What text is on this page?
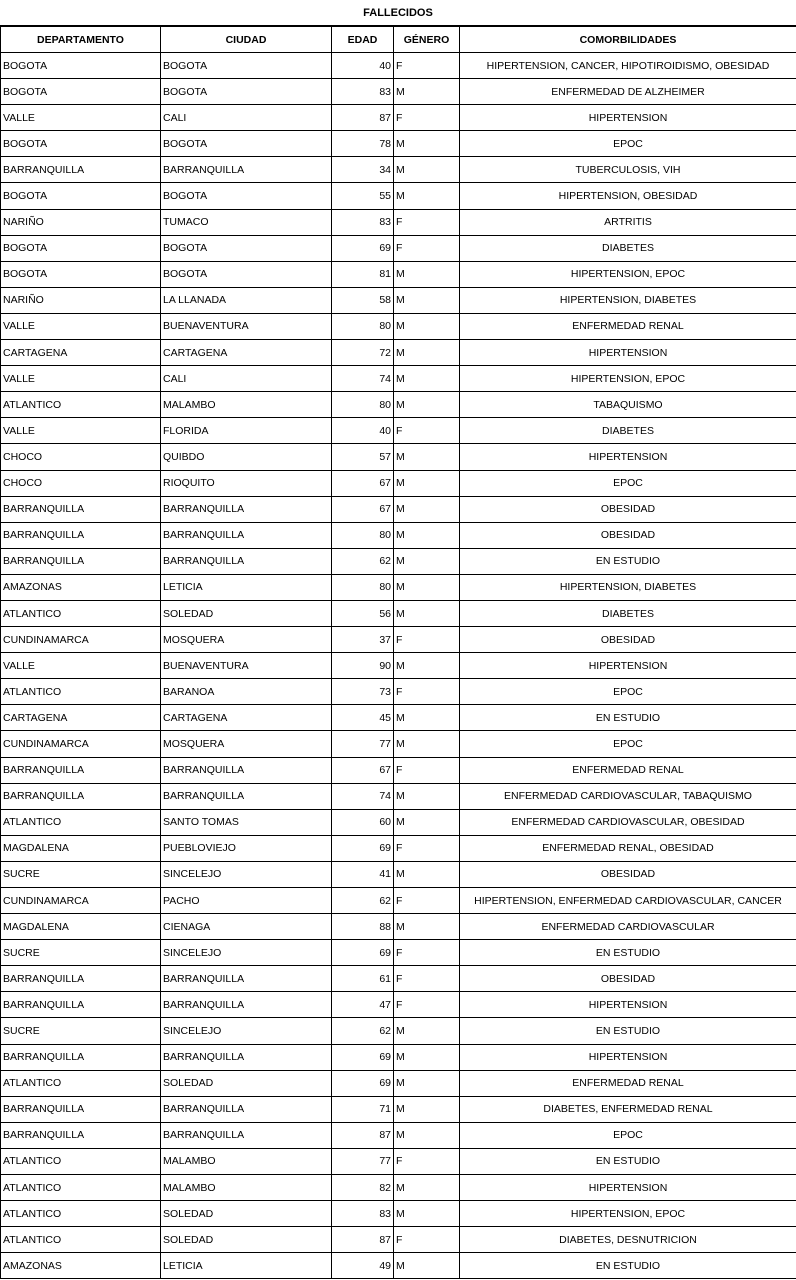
FALLECIDOS
DEPARTAMENTO	CIUDAD	EDAD	GÉNERO	COMORBILIDADES
BOGOTA	BOGOTA	40	F	HIPERTENSION, CANCER, HIPOTIROIDISMO, OBESIDAD
BOGOTA	BOGOTA	83	M	ENFERMEDAD DE ALZHEIMER
VALLE	CALI	87	F	HIPERTENSION
BOGOTA	BOGOTA	78	M	EPOC
BARRANQUILLA	BARRANQUILLA	34	M	TUBERCULOSIS, VIH
BOGOTA	BOGOTA	55	M	HIPERTENSION, OBESIDAD
NARIÑO	TUMACO	83	F	ARTRITIS
BOGOTA	BOGOTA	69	F	DIABETES
BOGOTA	BOGOTA	81	M	HIPERTENSION, EPOC
NARIÑO	LA LLANADA	58	M	HIPERTENSION, DIABETES
VALLE	BUENAVENTURA	80	M	ENFERMEDAD RENAL
CARTAGENA	CARTAGENA	72	M	HIPERTENSION
VALLE	CALI	74	M	HIPERTENSION, EPOC
ATLANTICO	MALAMBO	80	M	TABAQUISMO
VALLE	FLORIDA	40	F	DIABETES
CHOCO	QUIBDO	57	M	HIPERTENSION
CHOCO	RIOQUITO	67	M	EPOC
BARRANQUILLA	BARRANQUILLA	67	M	OBESIDAD
BARRANQUILLA	BARRANQUILLA	80	M	OBESIDAD
BARRANQUILLA	BARRANQUILLA	62	M	EN ESTUDIO
AMAZONAS	LETICIA	80	M	HIPERTENSION, DIABETES
ATLANTICO	SOLEDAD	56	M	DIABETES
CUNDINAMARCA	MOSQUERA	37	F	OBESIDAD
VALLE	BUENAVENTURA	90	M	HIPERTENSION
ATLANTICO	BARANOA	73	F	EPOC
CARTAGENA	CARTAGENA	45	M	EN ESTUDIO
CUNDINAMARCA	MOSQUERA	77	M	EPOC
BARRANQUILLA	BARRANQUILLA	67	F	ENFERMEDAD RENAL
BARRANQUILLA	BARRANQUILLA	74	M	ENFERMEDAD CARDIOVASCULAR, TABAQUISMO
ATLANTICO	SANTO TOMAS	60	M	ENFERMEDAD CARDIOVASCULAR, OBESIDAD
MAGDALENA	PUEBLOVIEJO	69	F	ENFERMEDAD RENAL, OBESIDAD
SUCRE	SINCELEJO	41	M	OBESIDAD
CUNDINAMARCA	PACHO	62	F	HIPERTENSION, ENFERMEDAD CARDIOVASCULAR, CANCER
MAGDALENA	CIENAGA	88	M	ENFERMEDAD CARDIOVASCULAR
SUCRE	SINCELEJO	69	F	EN ESTUDIO
BARRANQUILLA	BARRANQUILLA	61	F	OBESIDAD
BARRANQUILLA	BARRANQUILLA	47	F	HIPERTENSION
SUCRE	SINCELEJO	62	M	EN ESTUDIO
BARRANQUILLA	BARRANQUILLA	69	M	HIPERTENSION
ATLANTICO	SOLEDAD	69	M	ENFERMEDAD RENAL
BARRANQUILLA	BARRANQUILLA	71	M	DIABETES, ENFERMEDAD RENAL
BARRANQUILLA	BARRANQUILLA	87	M	EPOC
ATLANTICO	MALAMBO	77	F	EN ESTUDIO
ATLANTICO	MALAMBO	82	M	HIPERTENSION
ATLANTICO	SOLEDAD	83	M	HIPERTENSION, EPOC
ATLANTICO	SOLEDAD	87	F	DIABETES, DESNUTRICION
AMAZONAS	LETICIA	49	M	EN ESTUDIO
